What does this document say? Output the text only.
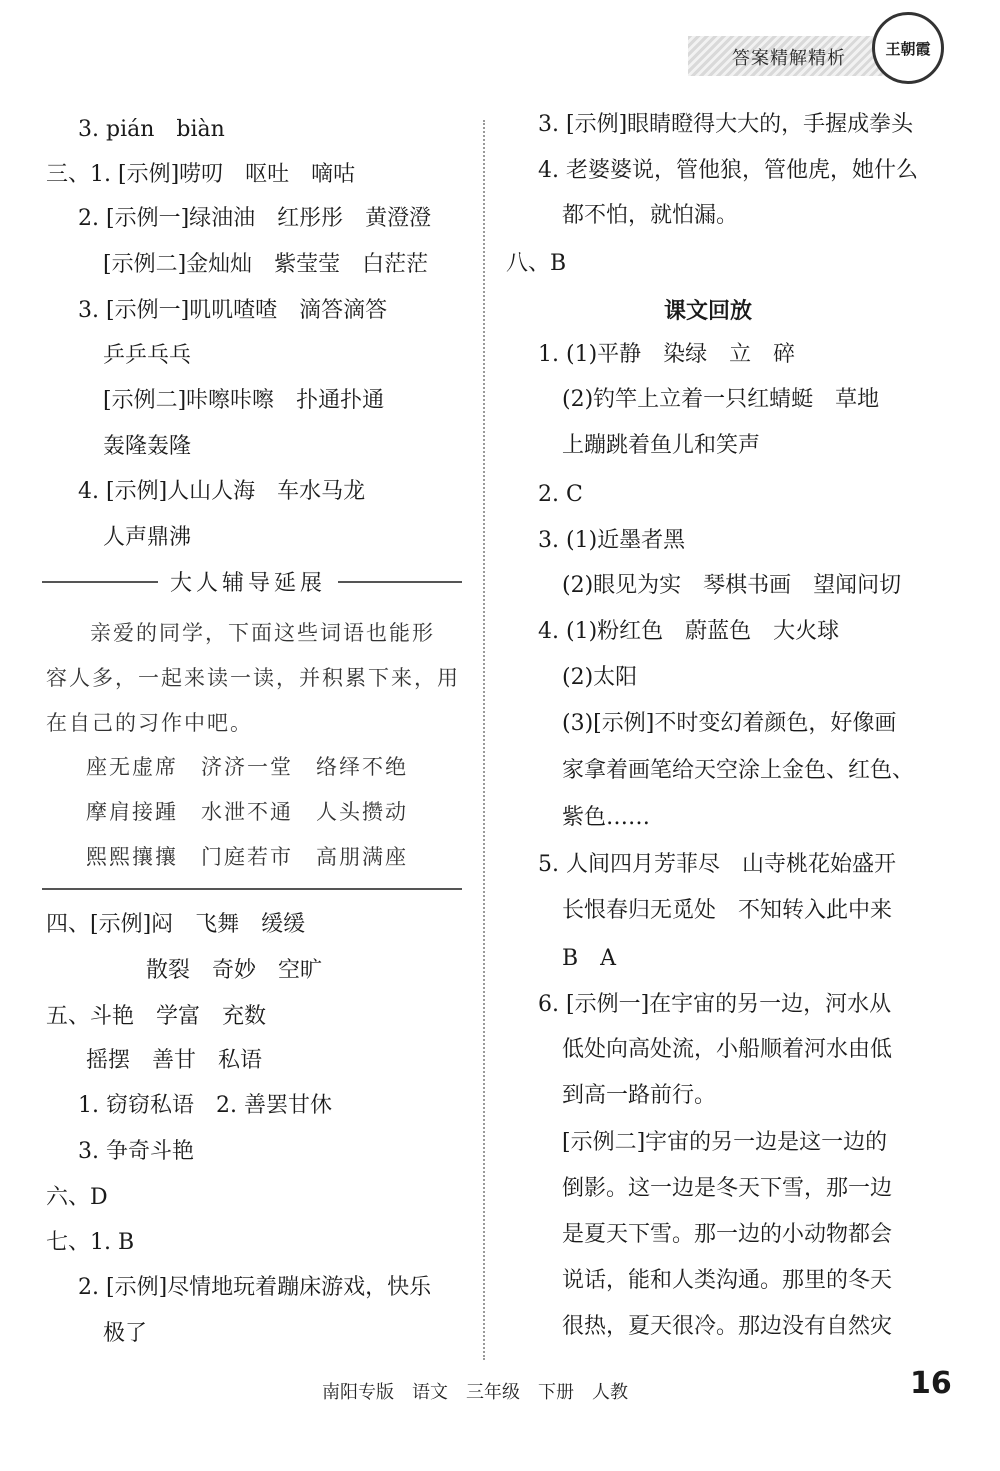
答案精解精析	王朝霞
3. pián　biàn
三、1. [示例]唠叨　呕吐　嘀咕
2. [示例一]绿油油　红彤彤　黄澄澄
[示例二]金灿灿　紫莹莹　白茫茫
3. [示例一]叽叽喳喳　滴答滴答
乒乒乓乓
[示例二]咔嚓咔嚓　扑通扑通
轰隆轰隆
4. [示例]人山人海　车水马龙
人声鼎沸
大人辅导延展
亲爱的同学，下面这些词语也能形
容人多，一起来读一读，并积累下来，用
在自己的习作中吧。
座无虚席　济济一堂　络绎不绝
摩肩接踵　水泄不通　人头攒动
熙熙攘攘　门庭若市　高朋满座
四、[示例]闷　飞舞　缓缓
散裂　奇妙　空旷
五、斗艳　学富　充数
摇摆　善甘　私语
1. 窃窃私语　2. 善罢甘休
3. 争奇斗艳
六、D
七、1. B
2. [示例]尽情地玩着蹦床游戏，快乐
极了
3. [示例]眼睛瞪得大大的，手握成拳头
4. 老婆婆说，管他狼，管他虎，她什么
都不怕，就怕漏。
八、B
课文回放
1. (1)平静　染绿　立　碎
(2)钓竿上立着一只红蜻蜓　草地
上蹦跳着鱼儿和笑声
2. C
3. (1)近墨者黑
(2)眼见为实　琴棋书画　望闻问切
4. (1)粉红色　蔚蓝色　大火球
(2)太阳
(3)[示例]不时变幻着颜色，好像画
家拿着画笔给天空涂上金色、红色、
紫色……
5. 人间四月芳菲尽　山寺桃花始盛开
长恨春归无觅处　不知转入此中来
B　A
6. [示例一]在宇宙的另一边，河水从
低处向高处流，小船顺着河水由低
到高一路前行。
[示例二]宇宙的另一边是这一边的
倒影。这一边是冬天下雪，那一边
是夏天下雪。那一边的小动物都会
说话，能和人类沟通。那里的冬天
很热，夏天很冷。那边没有自然灾
南阳专版　语文　三年级　下册　人教	16
